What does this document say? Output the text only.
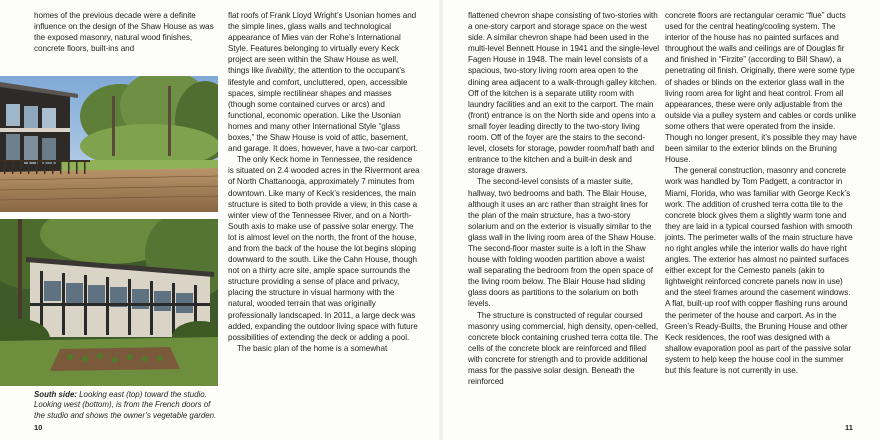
homes of the previous decade were a definite influence on the design of the Shaw House as was the exposed masonry, natural wood finishes, concrete floors, built-ins and

flat roofs of Frank Lloyd Wright’s Usonian homes and the simple lines, glass walls and technological appearance of Mies van der Rohe’s International Style. Features belonging to virtually every Keck project are seen within the Shaw House as well, things like livability, the attention to the occupant’s lifestyle and comfort, uncluttered, open, accessible spaces, simple rectilinear shapes and masses (though some contained curves or arcs) and functional, economic operation. Like the Usonian homes and many other International Style “glass boxes,” the Shaw House is void of attic, basement, and garage. It does, however, have a two-car carport.

The only Keck home in Tennessee, the residence is situated on 2.4 wooded acres in the Rivermont area of North Chattanooga, approximately 7 minutes from downtown. Like many of Keck’s residences, the main structure is sited to both provide a view, in this case a winter view of the Tennessee River, and on a North-South axis to make use of passive solar energy. The lot is almost level on the north, the front of the house, and from the back of the house the lot begins sloping downward to the south. Like the Cahn House, though not on a thirty acre site, ample space surrounds the structure providing a sense of place and privacy, placing the structure in visual harmony with the natural, wooded terrain that was originally professionally landscaped. In 2011, a large deck was added, expanding the outdoor living space with future possibilities of extending the deck or adding a pool.

The basic plan of the home is a somewhat

flattened chevron shape consisting of two-stories with a one-story carport and storage space on the west side. A similar chevron shape had been used in the multi-level Bennett House in 1941 and the single-level Fagen House in 1948. The main level consists of a spacious, two-story living room area open to the dining area adjacent to a walk-through galley kitchen. Off of the kitchen is a separate utility room with laundry facilities and an exit to the carport. The main (front) entrance is on the North side and opens into a small foyer leading directly to the two-story living room. Off of the foyer are the stairs to the second-level, closets for storage, powder room/half bath and entrance to the kitchen and a built-in desk and storage drawers.

The second-level consists of a master suite, hallway, two bedrooms and bath. The Blair House, although it uses an arc rather than straight lines for the plan of the main structure, has a two-story solarium and on the exterior is visually similar to the glass wall in the living room area of the Shaw House. The second-floor master suite is a loft in the Shaw house with folding wooden partition above a waist wall separating the bedroom from the open space of the living room below. The Blair House had sliding glass doors as partitions to the solarium on both levels.

The structure is constructed of regular coursed masonry using commercial, high density, open-celled, concrete block containing crushed terra cotta tile. The cells of the concrete block are reinforced and filled with concrete for strength and to provide additional mass for the passive solar design. Beneath the reinforced

concrete floors are rectangular ceramic “flue” ducts used for the central heating/cooling system. The interior of the house has no painted surfaces and throughout the walls and ceilings are of Douglas fir and finished in “Firzite” (according to Bill Shaw), a penetrating oil finish. Originally, there were some type of shades or blinds on the exterior glass wall in the living room area for light and heat control. From all appearances, these were only adjustable from the outside via a pulley system and cables or cords unlike some others that were operated from the inside. Though no longer present, it’s possible they may have been similar to the exterior blinds on the Bruning House.

The general construction, masonry and concrete work was handled by Tom Padgett, a contractor in Miami, Florida, who was familiar with George Keck’s work. The addition of crushed terra cotta tile to the concrete block gives them a slightly warm tone and they are laid in a typical coursed fashion with smooth joints. The perimeter walls of the main structure have no right angles while the interior walls do have right angles. The exterior has almost no painted surfaces either except for the Cemesto panels (akin to lightweight reinforced concrete panels now in use) and the steel frames around the casement windows. A flat, built-up roof with copper flashing runs around the perimeter of the house and carport. As in the Green’s Ready-Builts, the Bruning House and other Keck residences, the roof was designed with a shallow evaporation pool as part of the passive solar system to help keep the house cool in the summer but this feature is not currently in use.

South side: Looking east (top) toward the studio. Looking west (bottom), is from the French doors of the studio and shows the owner’s vegetable garden.
10	11
